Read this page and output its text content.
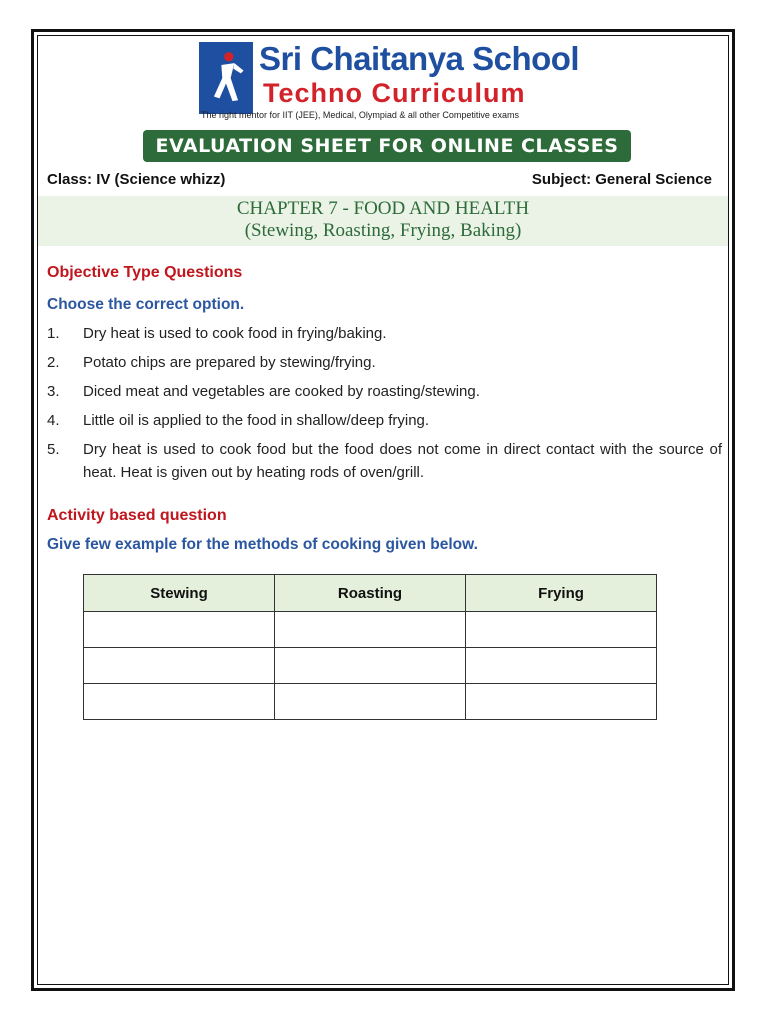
Sri Chaitanya School
Techno Curriculum
The right mentor for IIT (JEE), Medical, Olympiad & all other Competitive exams
EVALUATION SHEET FOR ONLINE CLASSES
Class: IV (Science whizz)	Subject: General Science
CHAPTER 7 - FOOD AND HEALTH
(Stewing, Roasting, Frying, Baking)
Objective Type Questions
Choose the correct option.
1. Dry heat is used to cook food in frying/baking.
2. Potato chips are prepared by stewing/frying.
3. Diced meat and vegetables are cooked by roasting/stewing.
4. Little oil is applied to the food in shallow/deep frying.
5. Dry heat is used to cook food but the food does not come in direct contact with the source of heat. Heat is given out by heating rods of oven/grill.
Activity based question
Give few example for the methods of cooking given below.
Stewing	Roasting	Frying
